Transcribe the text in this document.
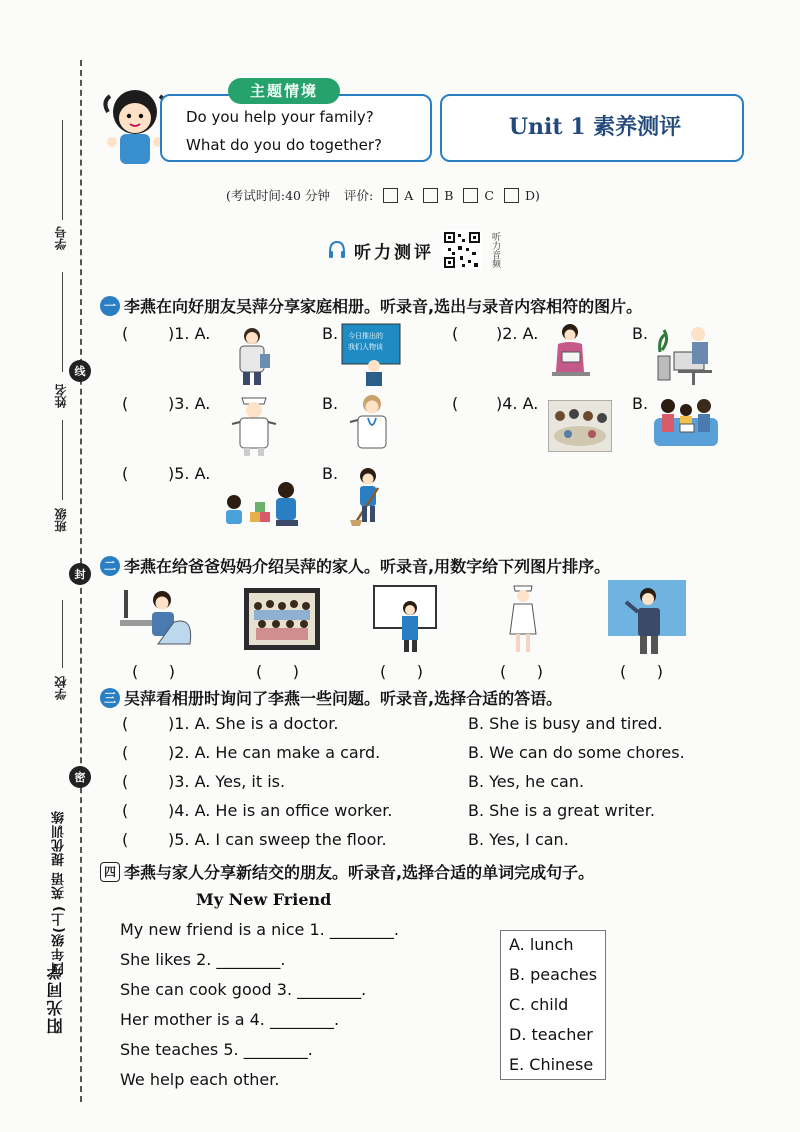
学号
姓名
线
班级
封
学校
密
四年级(上) 英语 提优训练
阳光同学
主题情境
Do you help your family?
What do you do together?
Unit 1 素养测评
(考试时间:40 分钟 评价: A B C D)
听力测评	听力音频
一 李燕在向好朋友吴萍分享家庭相册。听录音,选出与录音内容相符的图片。
( )1. A.	B. 今日推出的
我们人物谈
( )2. A.	B.
( )3. A.	B.	( )4. A.	B.
( )5. A.	B.
二 李燕在给爸爸妈妈介绍吴萍的家人。听录音,用数字给下列图片排序。
(      )	(      )	(      )	(      )	(      )
三 吴萍看相册时询问了李燕一些问题。听录音,选择合适的答语。
( )1. A. She is a doctor.	B. She is busy and tired.
( )2. A. He can make a card.	B. We can do some chores.
( )3. A. Yes, it is.	B. Yes, he can.
( )4. A. He is an office worker.	B. She is a great writer.
( )5. A. I can sweep the floor.	B. Yes, I can.
四 李燕与家人分享新结交的朋友。听录音,选择合适的单词完成句子。
My New Friend
My new friend is a nice 1. ________.
She likes 2. ________.
She can cook good 3. ________.
Her mother is a 4. ________.
She teaches 5. ________.
We help each other.
A. lunch
B. peaches
C. child
D. teacher
E. Chinese
